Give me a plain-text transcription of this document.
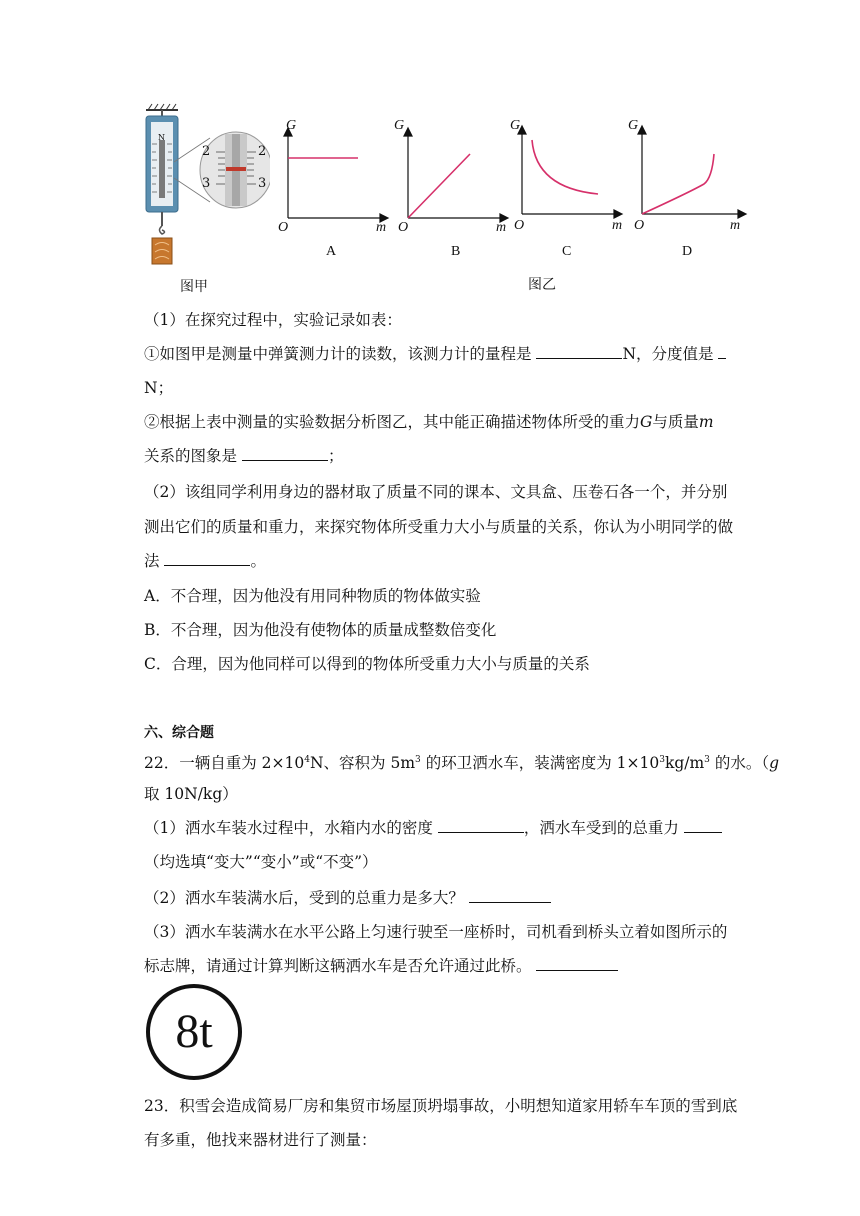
N
2	2
3	3
图甲
G
O	m
A
G
O	m
B
G
O	m
C
G
O	m
D
图乙
（1）在探究过程中，实验记录如表：
①如图甲是测量中弹簧测力计的读数，该测力计的量程是	N，分度值是
N；
②根据上表中测量的实验数据分析图乙，其中能正确描述物体所受的重力G与质量m
关系的图象是	；
（2）该组同学利用身边的器材取了质量不同的课本、文具盒、压卷石各一个，并分别
测出它们的质量和重力，来探究物体所受重力大小与质量的关系，你认为小明同学的做
法	。
A．不合理，因为他没有用同种物质的物体做实验
B．不合理，因为他没有使物体的质量成整数倍变化
C．合理，因为他同样可以得到的物体所受重力大小与质量的关系
六、综合题
22．一辆自重为 $2\times 10^4N$、容积为 $5m^3$ 的环卫洒水车，装满密度为 $1\times 10^3kg/m^3$ 的水。（g
取 10N/kg）
（1）洒水车装水过程中，水箱内水的密度	，洒水车受到的总重力
（均选填“变大”“变小”或“不变”）
（2）洒水车装满水后，受到的总重力是多大？
（3）洒水车装满水在水平公路上匀速行驶至一座桥时，司机看到桥头立着如图所示的
标志牌，请通过计算判断这辆洒水车是否允许通过此桥。
8t
23．积雪会造成简易厂房和集贸市场屋顶坍塌事故，小明想知道家用轿车车顶的雪到底
有多重，他找来器材进行了测量：
